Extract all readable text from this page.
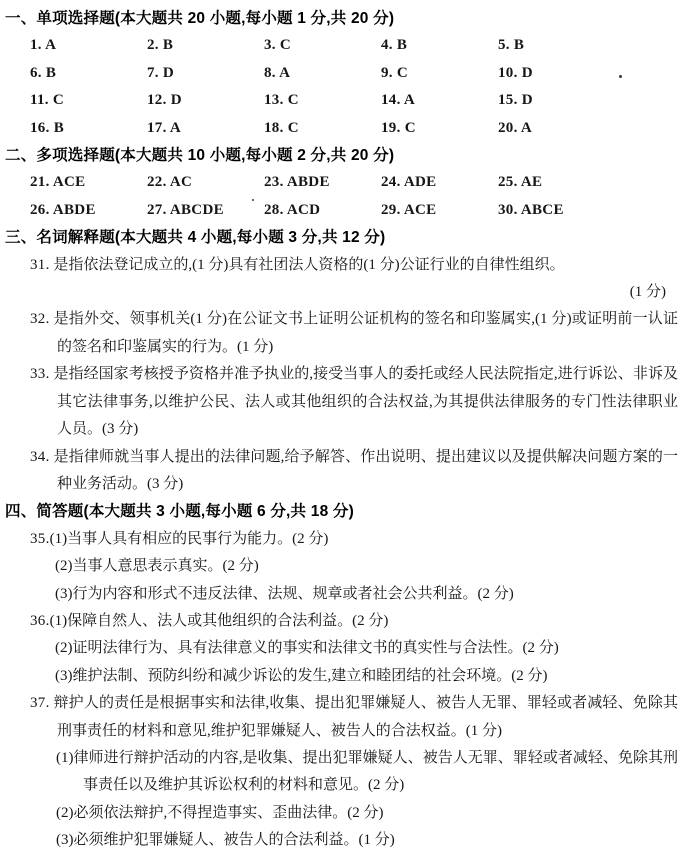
一、单项选择题(本大题共 20 小题,每小题 1 分,共 20 分)
1. A	2. B	3. C	4. B	5. B
6. B	7. D	8. A	9. C	10. D
11. C	12. D	13. C	14. A	15. D
16. B	17. A	18. C	19. C	20. A
二、多项选择题(本大题共 10 小题,每小题 2 分,共 20 分)
21. ACE	22. AC	23. ABDE	24. ADE	25. AE
26. ABDE	27. ABCDE	28. ACD	29. ACE	30. ABCE
三、名词解释题(本大题共 4 小题,每小题 3 分,共 12 分)
31. 是指依法登记成立的,(1 分)具有社团法人资格的(1 分)公证行业的自律性组织。
(1 分)
32. 是指外交、领事机关(1 分)在公证文书上证明公证机构的签名和印鉴属实,(1 分)或证明前一认证的签名和印鉴属实的行为。(1 分)
33. 是指经国家考核授予资格并准予执业的,接受当事人的委托或经人民法院指定,进行诉讼、非诉及其它法律事务,以维护公民、法人或其他组织的合法权益,为其提供法律服务的专门性法律职业人员。(3 分)
34. 是指律师就当事人提出的法律问题,给予解答、作出说明、提出建议以及提供解决问题方案的一种业务活动。(3 分)
四、简答题(本大题共 3 小题,每小题 6 分,共 18 分)
35.(1)当事人具有相应的民事行为能力。(2 分)
(2)当事人意思表示真实。(2 分)
(3)行为内容和形式不违反法律、法规、规章或者社会公共利益。(2 分)
36.(1)保障自然人、法人或其他组织的合法利益。(2 分)
(2)证明法律行为、具有法律意义的事实和法律文书的真实性与合法性。(2 分)
(3)维护法制、预防纠纷和减少诉讼的发生,建立和睦团结的社会环境。(2 分)
37. 辩护人的责任是根据事实和法律,收集、提出犯罪嫌疑人、被告人无罪、罪轻或者减轻、免除其刑事责任的材料和意见,维护犯罪嫌疑人、被告人的合法权益。(1 分)
(1)律师进行辩护活动的内容,是收集、提出犯罪嫌疑人、被告人无罪、罪轻或者减轻、免除其刑事责任以及维护其诉讼权利的材料和意见。(2 分)
(2)必须依法辩护,不得捏造事实、歪曲法律。(2 分)
(3)必须维护犯罪嫌疑人、被告人的合法利益。(1 分)
